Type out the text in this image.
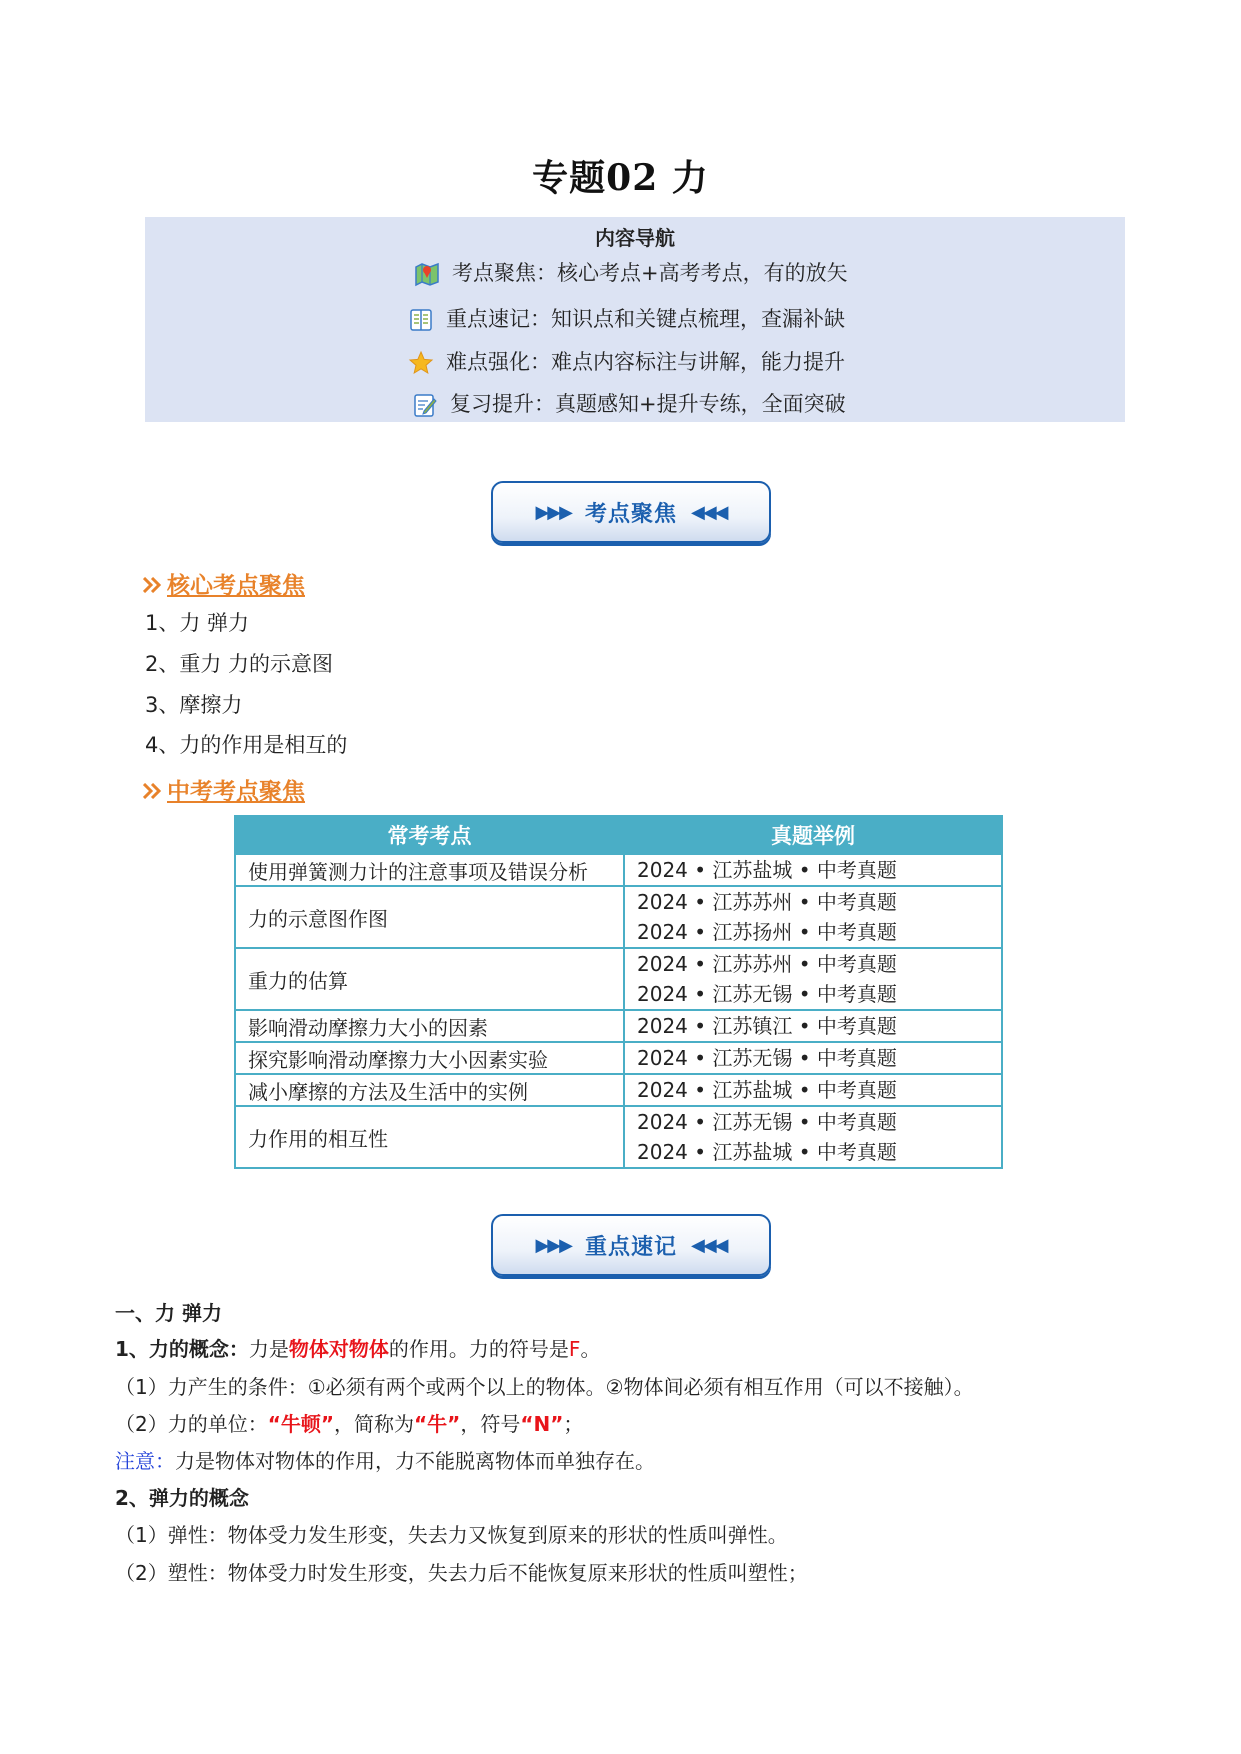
专题02 力
内容导航
考点聚焦：核心考点+高考考点，有的放矢
重点速记：知识点和关键点梳理，查漏补缺
难点强化：难点内容标注与讲解，能力提升
复习提升：真题感知+提升专练，全面突破
▶▶▶ 考点聚焦 ◀◀◀
核心考点聚焦
1、力 弹力
2、重力 力的示意图
3、摩擦力
4、力的作用是相互的
中考考点聚焦
常考考点	真题举例
使用弹簧测力计的注意事项及错误分析	2024 • 江苏盐城 • 中考真题

力的示意图作图	2024 • 江苏苏州 • 中考真题
2024 • 江苏扬州 • 中考真题

重力的估算	2024 • 江苏苏州 • 中考真题
2024 • 江苏无锡 • 中考真题

影响滑动摩擦力大小的因素	2024 • 江苏镇江 • 中考真题

探究影响滑动摩擦力大小因素实验	2024 • 江苏无锡 • 中考真题

减小摩擦的方法及生活中的实例	2024 • 江苏盐城 • 中考真题

力作用的相互性	2024 • 江苏无锡 • 中考真题
2024 • 江苏盐城 • 中考真题
▶▶▶ 重点速记 ◀◀◀
一、力 弹力
1、力的概念：力是物体对物体的作用。力的符号是F。
（1）力产生的条件：①必须有两个或两个以上的物体。②物体间必须有相互作用（可以不接触）。
（2）力的单位：“牛顿”，简称为“牛”，符号“N”；
注意：力是物体对物体的作用，力不能脱离物体而单独存在。
2、弹力的概念
（1）弹性：物体受力发生形变，失去力又恢复到原来的形状的性质叫弹性。
（2）塑性：物体受力时发生形变，失去力后不能恢复原来形状的性质叫塑性；
